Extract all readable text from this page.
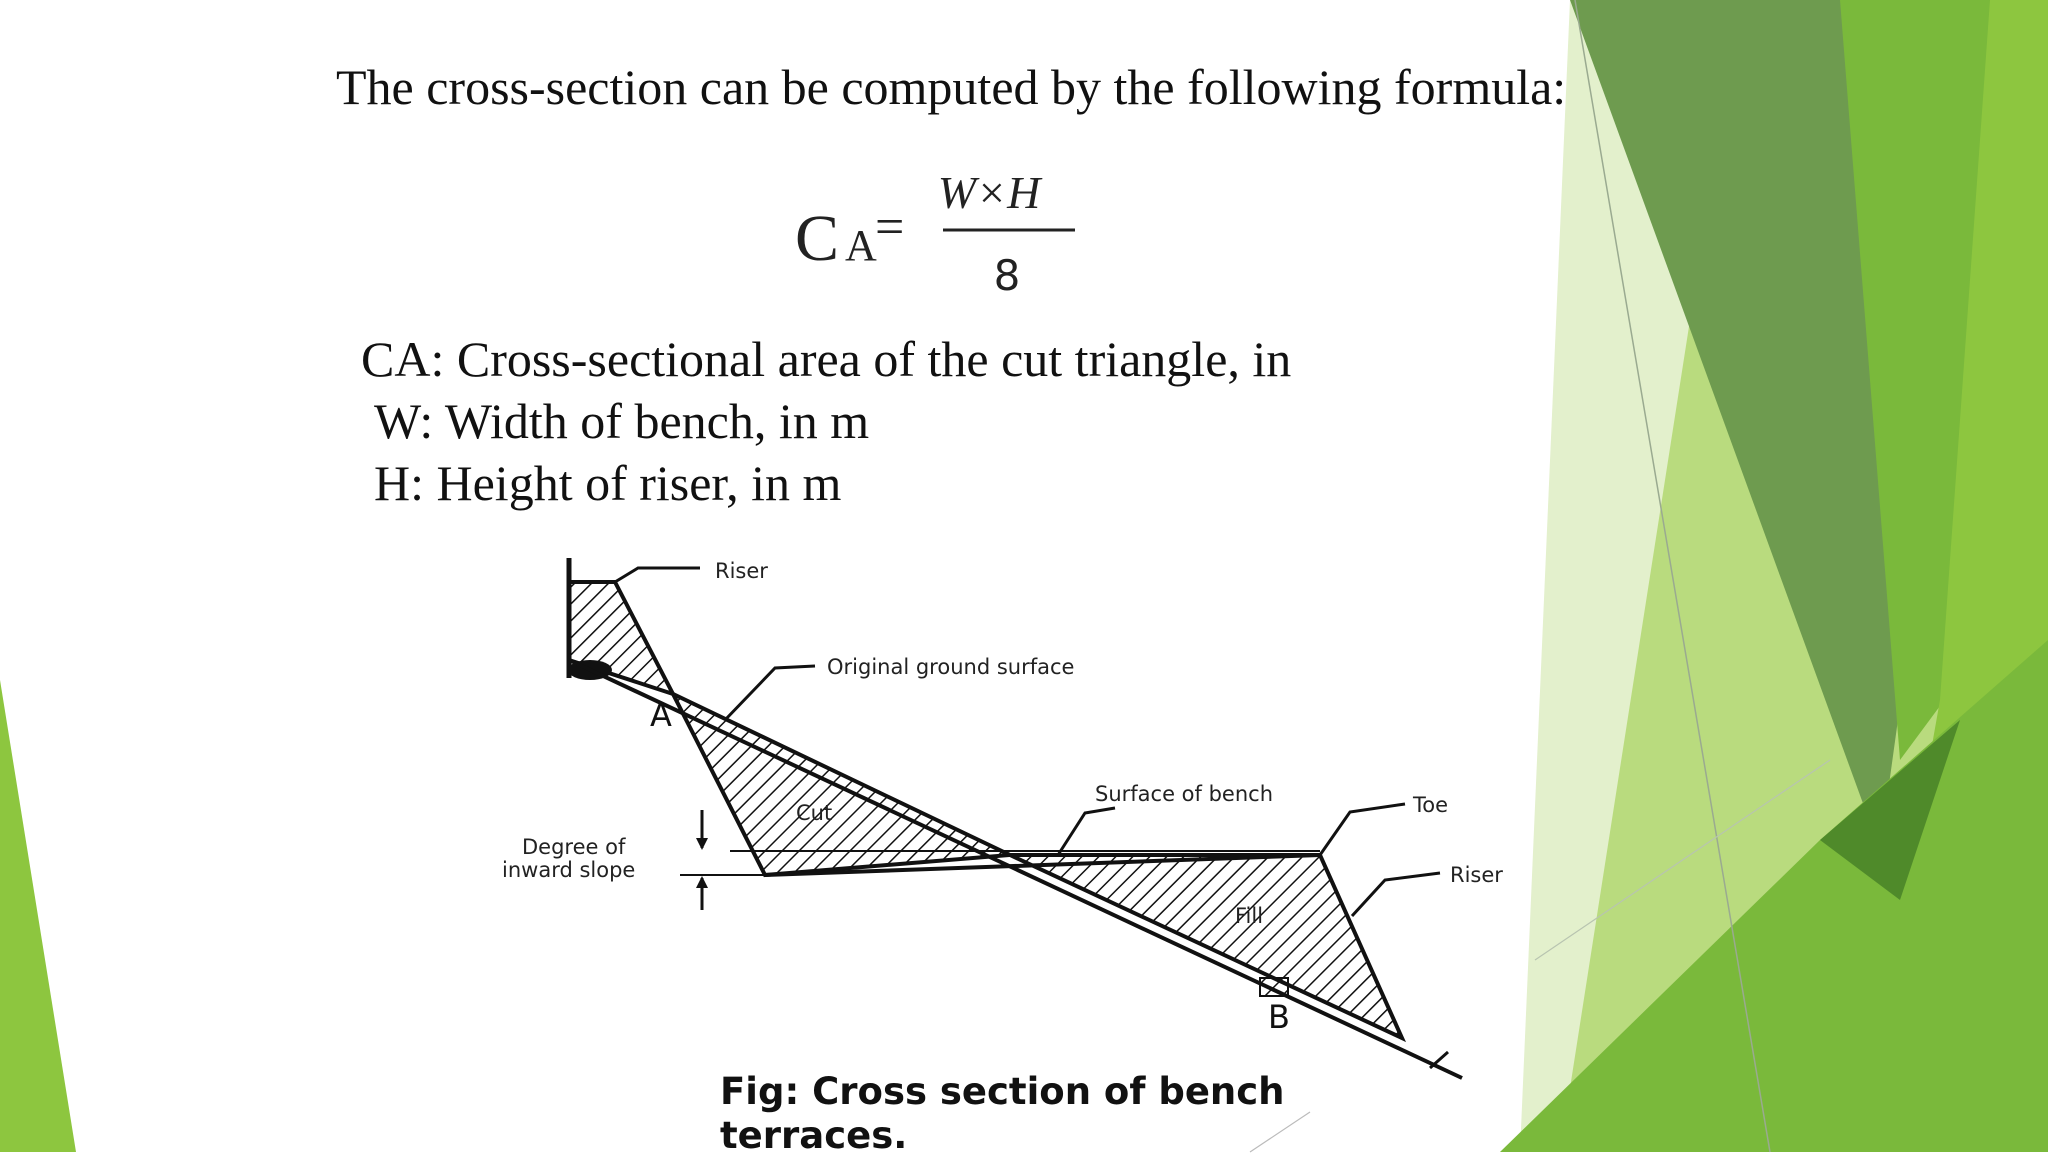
The cross-section can be computed by the following formula:
C A
=
W×H
8
CA: Cross-sectional area of the cut triangle, in
W: Width of bench, in m
H: Height of riser, in m
Riser
Original ground surface
A
Cut
Surface of bench	Toe
Riser
Degree of
inward slope
Fill
B
Fig: Cross section of bench terraces.
